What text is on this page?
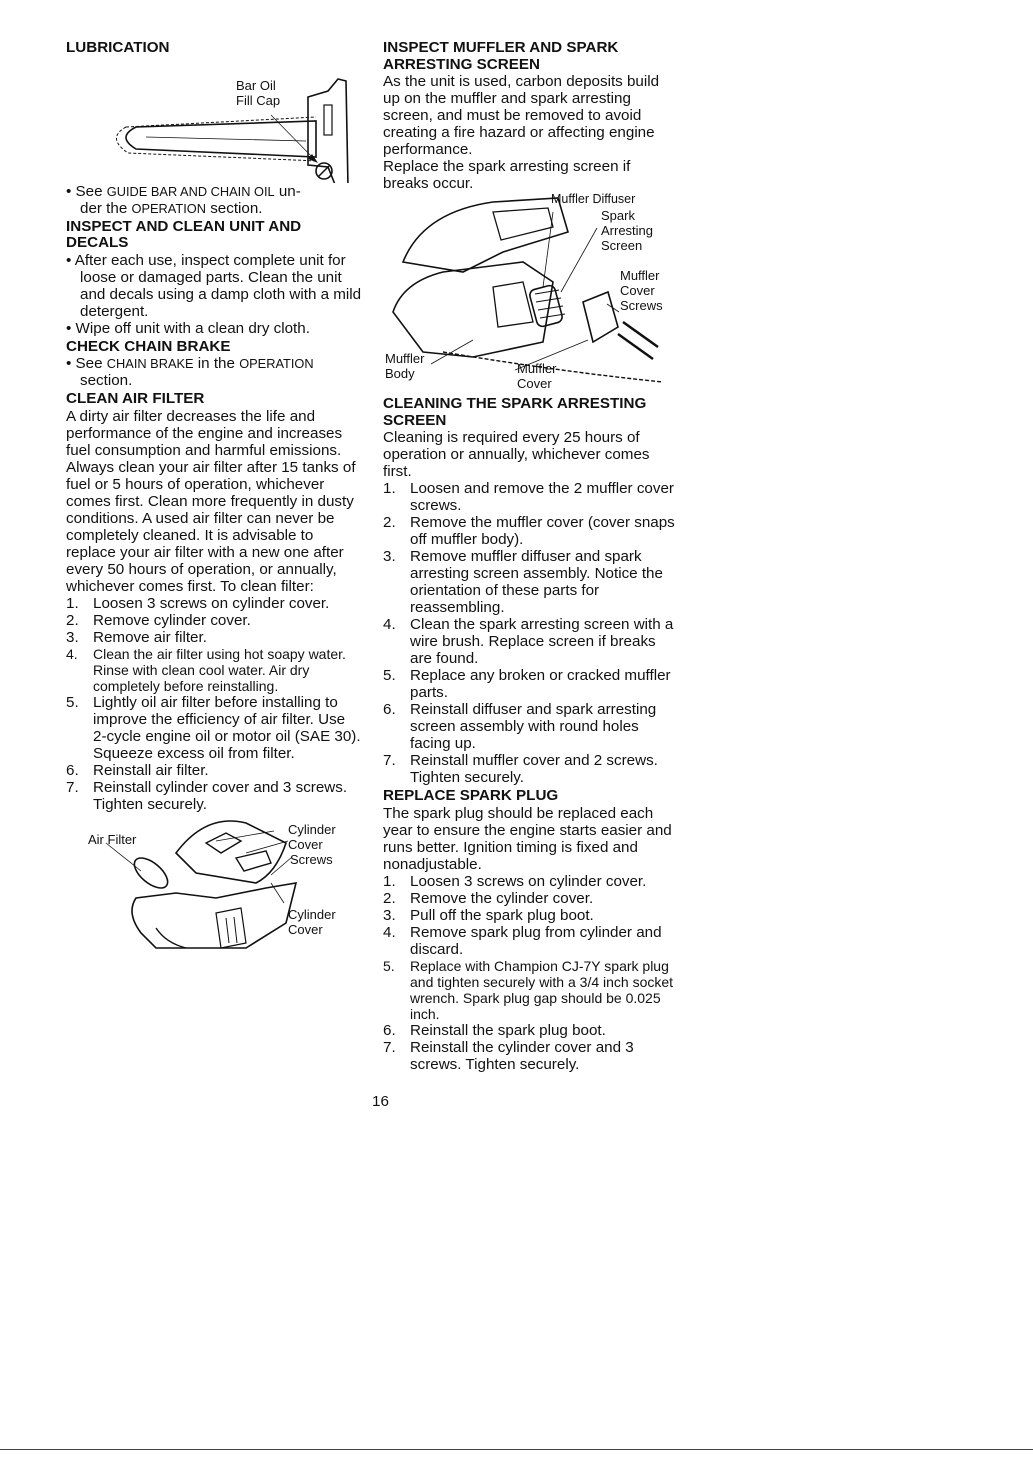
LUBRICATION
Bar Oil
Fill Cap

• See GUIDE BAR AND CHAIN OIL un-
der the OPERATION section.

INSPECT AND CLEAN UNIT AND DECALS

• After each use, inspect complete unit for loose or damaged parts. Clean the unit and decals using a damp cloth with a mild detergent.

• Wipe off unit with a clean dry cloth.

CHECK CHAIN BRAKE

• See CHAIN BRAKE in the OPERATION
section.

CLEAN AIR FILTER

A dirty air filter decreases the life and performance of the engine and increases fuel consumption and harmful emissions. Always clean your air filter after 15 tanks of fuel or 5 hours of operation, whichever comes first. Clean more frequently in dusty conditions. A used air filter can never be completely cleaned. It is advisable to replace your air filter with a new one after every 50 hours of operation, or annually, whichever comes first. To clean filter:

1. Loosen 3 screws on cylinder cover.
2. Remove cylinder cover.
3. Remove air filter.
4. Clean the air filter using hot soapy water. Rinse with clean cool water. Air dry completely before reinstalling.
5. Lightly oil air filter before installing to improve the efficiency of air filter. Use 2-cycle engine oil or motor oil (SAE 30). Squeeze excess oil from filter.
6. Reinstall air filter.
7. Reinstall cylinder cover and 3 screws. Tighten securely.
Air Filter
Cylinder
Cover
Screws
Cylinder
Cover
INSPECT MUFFLER AND SPARK ARRESTING SCREEN

As the unit is used, carbon deposits build up on the muffler and spark arresting screen, and must be removed to avoid creating a fire hazard or affecting engine performance.

Replace the spark arresting screen if breaks occur.

Muffler Diffuser
Spark
Arresting
Screen
Muffler
Cover
Screws
Muffler
Body	Muffler
Cover
CLEANING THE SPARK ARRESTING SCREEN

Cleaning is required every 25 hours of operation or annually, whichever comes first.

1. Loosen and remove the 2 muffler cover screws.
2. Remove the muffler cover (cover snaps off muffler body).
3. Remove muffler diffuser and spark arresting screen assembly. Notice the orientation of these parts for reassembling.
4. Clean the spark arresting screen with a wire brush. Replace screen if breaks are found.
5. Replace any broken or cracked muffler parts.
6. Reinstall diffuser and spark arresting screen assembly with round holes facing up.
7. Reinstall muffler cover and 2 screws. Tighten securely.
REPLACE SPARK PLUG

The spark plug should be replaced each year to ensure the engine starts easier and runs better. Ignition timing is fixed and nonadjustable.

1. Loosen 3 screws on cylinder cover.
2. Remove the cylinder cover.
3. Pull off the spark plug boot.
4. Remove spark plug from cylinder and discard.
5. Replace with Champion CJ-7Y spark plug and tighten securely with a 3/4 inch socket wrench. Spark plug gap should be 0.025 inch.
6. Reinstall the spark plug boot.
7. Reinstall the cylinder cover and 3 screws. Tighten securely.
16
